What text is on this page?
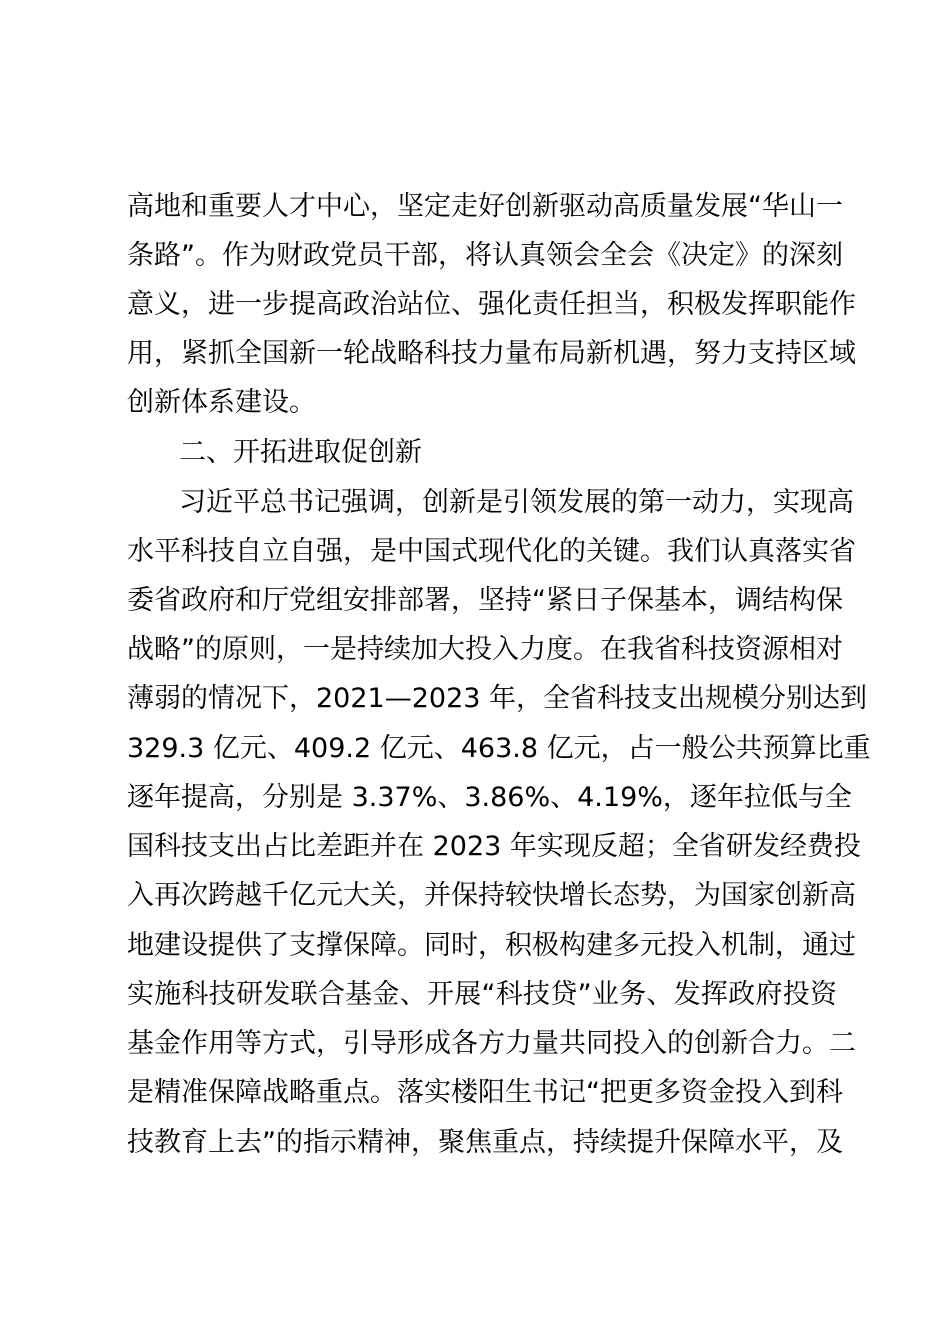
高地和重要人才中心，坚定走好创新驱动高质量发展“华山一
条路”。作为财政党员干部，将认真领会全会《决定》的深刻
意义，进一步提高政治站位、强化责任担当，积极发挥职能作
用，紧抓全国新一轮战略科技力量布局新机遇，努力支持区域
创新体系建设。
二、开拓进取促创新
习近平总书记强调，创新是引领发展的第一动力，实现高
水平科技自立自强，是中国式现代化的关键。我们认真落实省
委省政府和厅党组安排部署，坚持“紧日子保基本，调结构保
战略”的原则，一是持续加大投入力度。在我省科技资源相对
薄弱的情况下，2021—2023 年，全省科技支出规模分别达到
329.3 亿元、409.2 亿元、463.8 亿元，占一般公共预算比重
逐年提高，分别是 3.37%、3.86%、4.19%，逐年拉低与全
国科技支出占比差距并在 2023 年实现反超；全省研发经费投
入再次跨越千亿元大关，并保持较快增长态势，为国家创新高
地建设提供了支撑保障。同时，积极构建多元投入机制，通过
实施科技研发联合基金、开展“科技贷”业务、发挥政府投资
基金作用等方式，引导形成各方力量共同投入的创新合力。二
是精准保障战略重点。落实楼阳生书记“把更多资金投入到科
技教育上去”的指示精神，聚焦重点，持续提升保障水平，及
